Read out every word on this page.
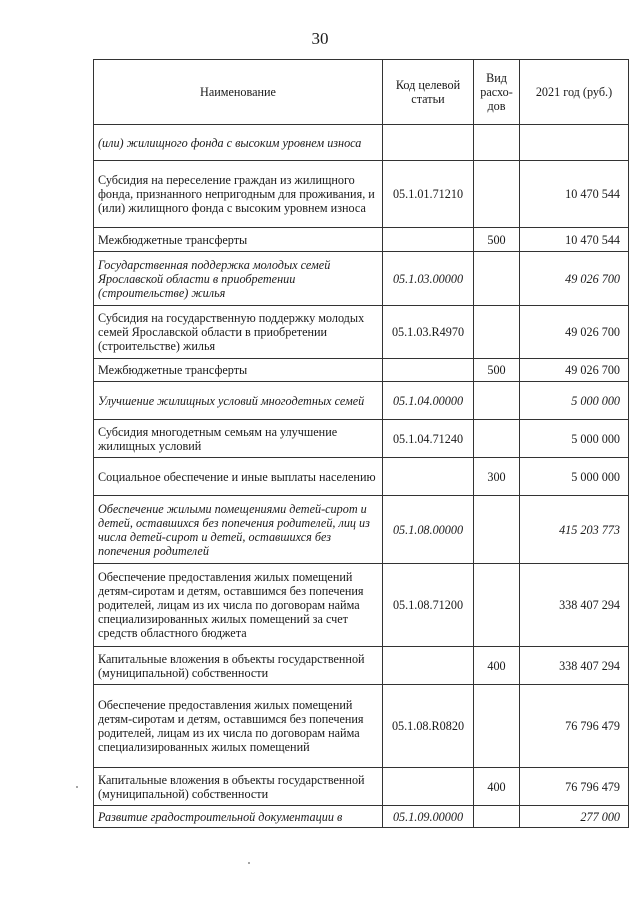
30
Наименование	Код целевой статьи	Вид расхо-дов	2021 год (руб.)
(или) жилищного фонда с высоким уровнем износа			
Субсидия на переселение граждан из жилищного фонда, признанного непригодным для проживания, и (или) жилищного фонда с высоким уровнем износа	05.1.01.71210		10 470 544
Межбюджетные трансферты		500	10 470 544
Государственная поддержка молодых семей Ярославской области в приобретении (строительстве) жилья	05.1.03.00000		49 026 700
Субсидия на государственную поддержку молодых семей Ярославской области в приобретении (строительстве) жилья	05.1.03.R4970		49 026 700
Межбюджетные трансферты		500	49 026 700
Улучшение жилищных условий многодетных семей	05.1.04.00000		5 000 000
Субсидия многодетным семьям на улучшение жилищных условий	05.1.04.71240		5 000 000
Социальное обеспечение и иные выплаты населению		300	5 000 000
Обеспечение жилыми помещениями детей-сирот и детей, оставшихся без попечения родителей, лиц из числа детей-сирот и детей, оставшихся без попечения родителей	05.1.08.00000		415 203 773
Обеспечение предоставления жилых помещений детям-сиротам и детям, оставшимся без попечения родителей, лицам из их числа по договорам найма специализированных жилых помещений за счет средств областного бюджета	05.1.08.71200		338 407 294
Капитальные вложения в объекты государственной (муниципальной) собственности		400	338 407 294
Обеспечение предоставления жилых помещений детям-сиротам и детям, оставшимся без попечения родителей, лицам из их числа по договорам найма специализированных жилых помещений	05.1.08.R0820		76 796 479
Капитальные вложения в объекты государственной (муниципальной) собственности		400	76 796 479
Развитие градостроительной документации в	05.1.09.00000		277 000
